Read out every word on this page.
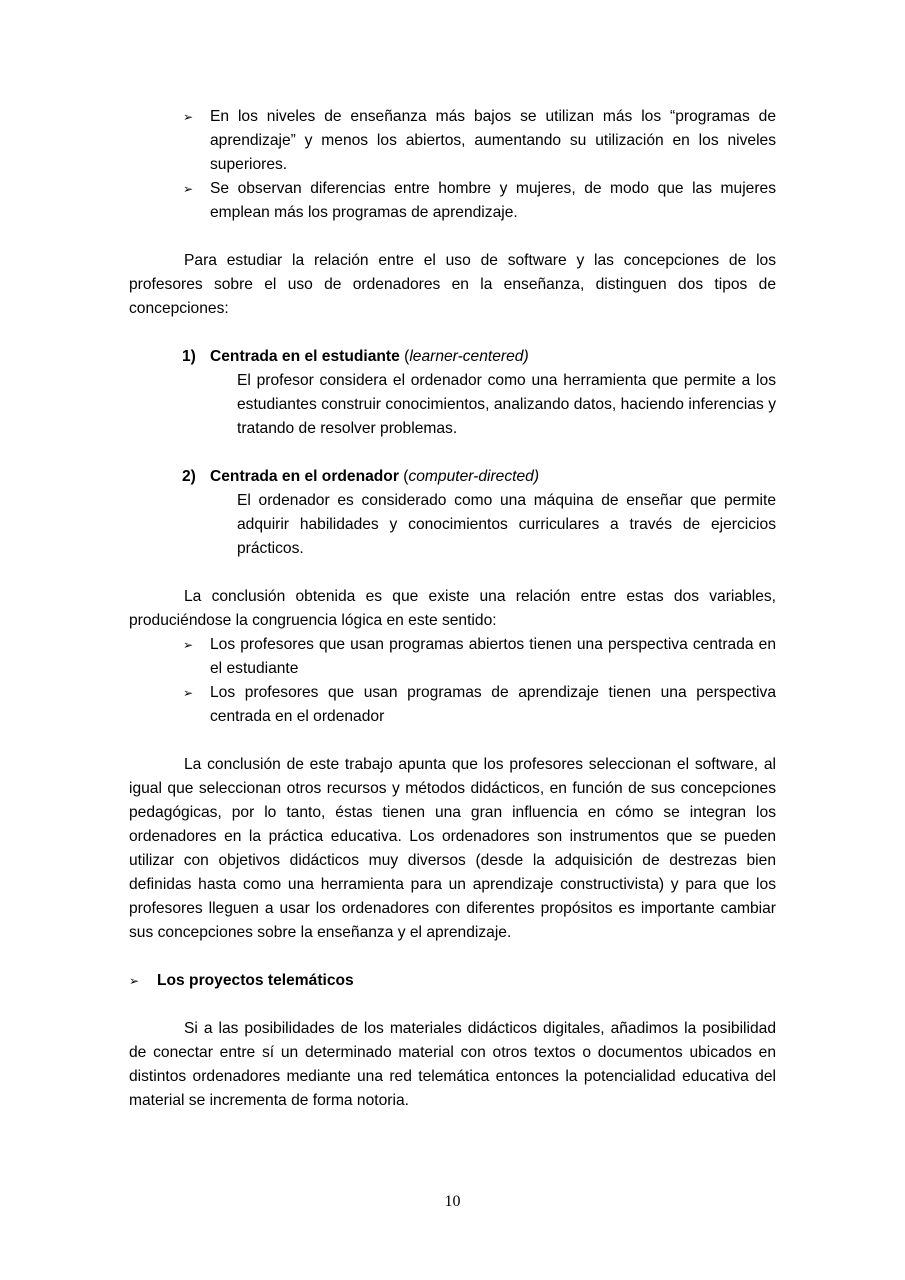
➢ En los niveles de enseñanza más bajos se utilizan más los “programas de aprendizaje” y menos los abiertos, aumentando su utilización en los niveles superiores.
➢ Se observan diferencias entre hombre y mujeres, de modo que las mujeres emplean más los programas de aprendizaje.

Para estudiar la relación entre el uso de software y las concepciones de los profesores sobre el uso de ordenadores en la enseñanza, distinguen dos tipos de concepciones:

1) Centrada en el estudiante (learner-centered)
El profesor considera el ordenador como una herramienta que permite a los estudiantes construir conocimientos, analizando datos, haciendo inferencias y tratando de resolver problemas.
2) Centrada en el ordenador (computer-directed)
El ordenador es considerado como una máquina de enseñar que permite adquirir habilidades y conocimientos curriculares a través de ejercicios prácticos.

La conclusión obtenida es que existe una relación entre estas dos variables, produciéndose la congruencia lógica en este sentido:

➢ Los profesores que usan programas abiertos tienen una perspectiva centrada en el estudiante
➢ Los profesores que usan programas de aprendizaje tienen una perspectiva centrada en el ordenador

La conclusión de este trabajo apunta que los profesores seleccionan el software, al igual que seleccionan otros recursos y métodos didácticos, en función de sus concepciones pedagógicas, por lo tanto, éstas tienen una gran influencia en cómo se integran los ordenadores en la práctica educativa. Los ordenadores son instrumentos que se pueden utilizar con objetivos didácticos muy diversos (desde la adquisición de destrezas bien definidas hasta como una herramienta para un aprendizaje constructivista) y para que los profesores lleguen a usar los ordenadores con diferentes propósitos es importante cambiar sus concepciones sobre la enseñanza y el aprendizaje.

➢ Los proyectos telemáticos

Si a las posibilidades de los materiales didácticos digitales, añadimos la posibilidad de conectar entre sí un determinado material con otros textos o documentos ubicados en distintos ordenadores mediante una red telemática entonces la potencialidad educativa del material se incrementa de forma notoria.

10
